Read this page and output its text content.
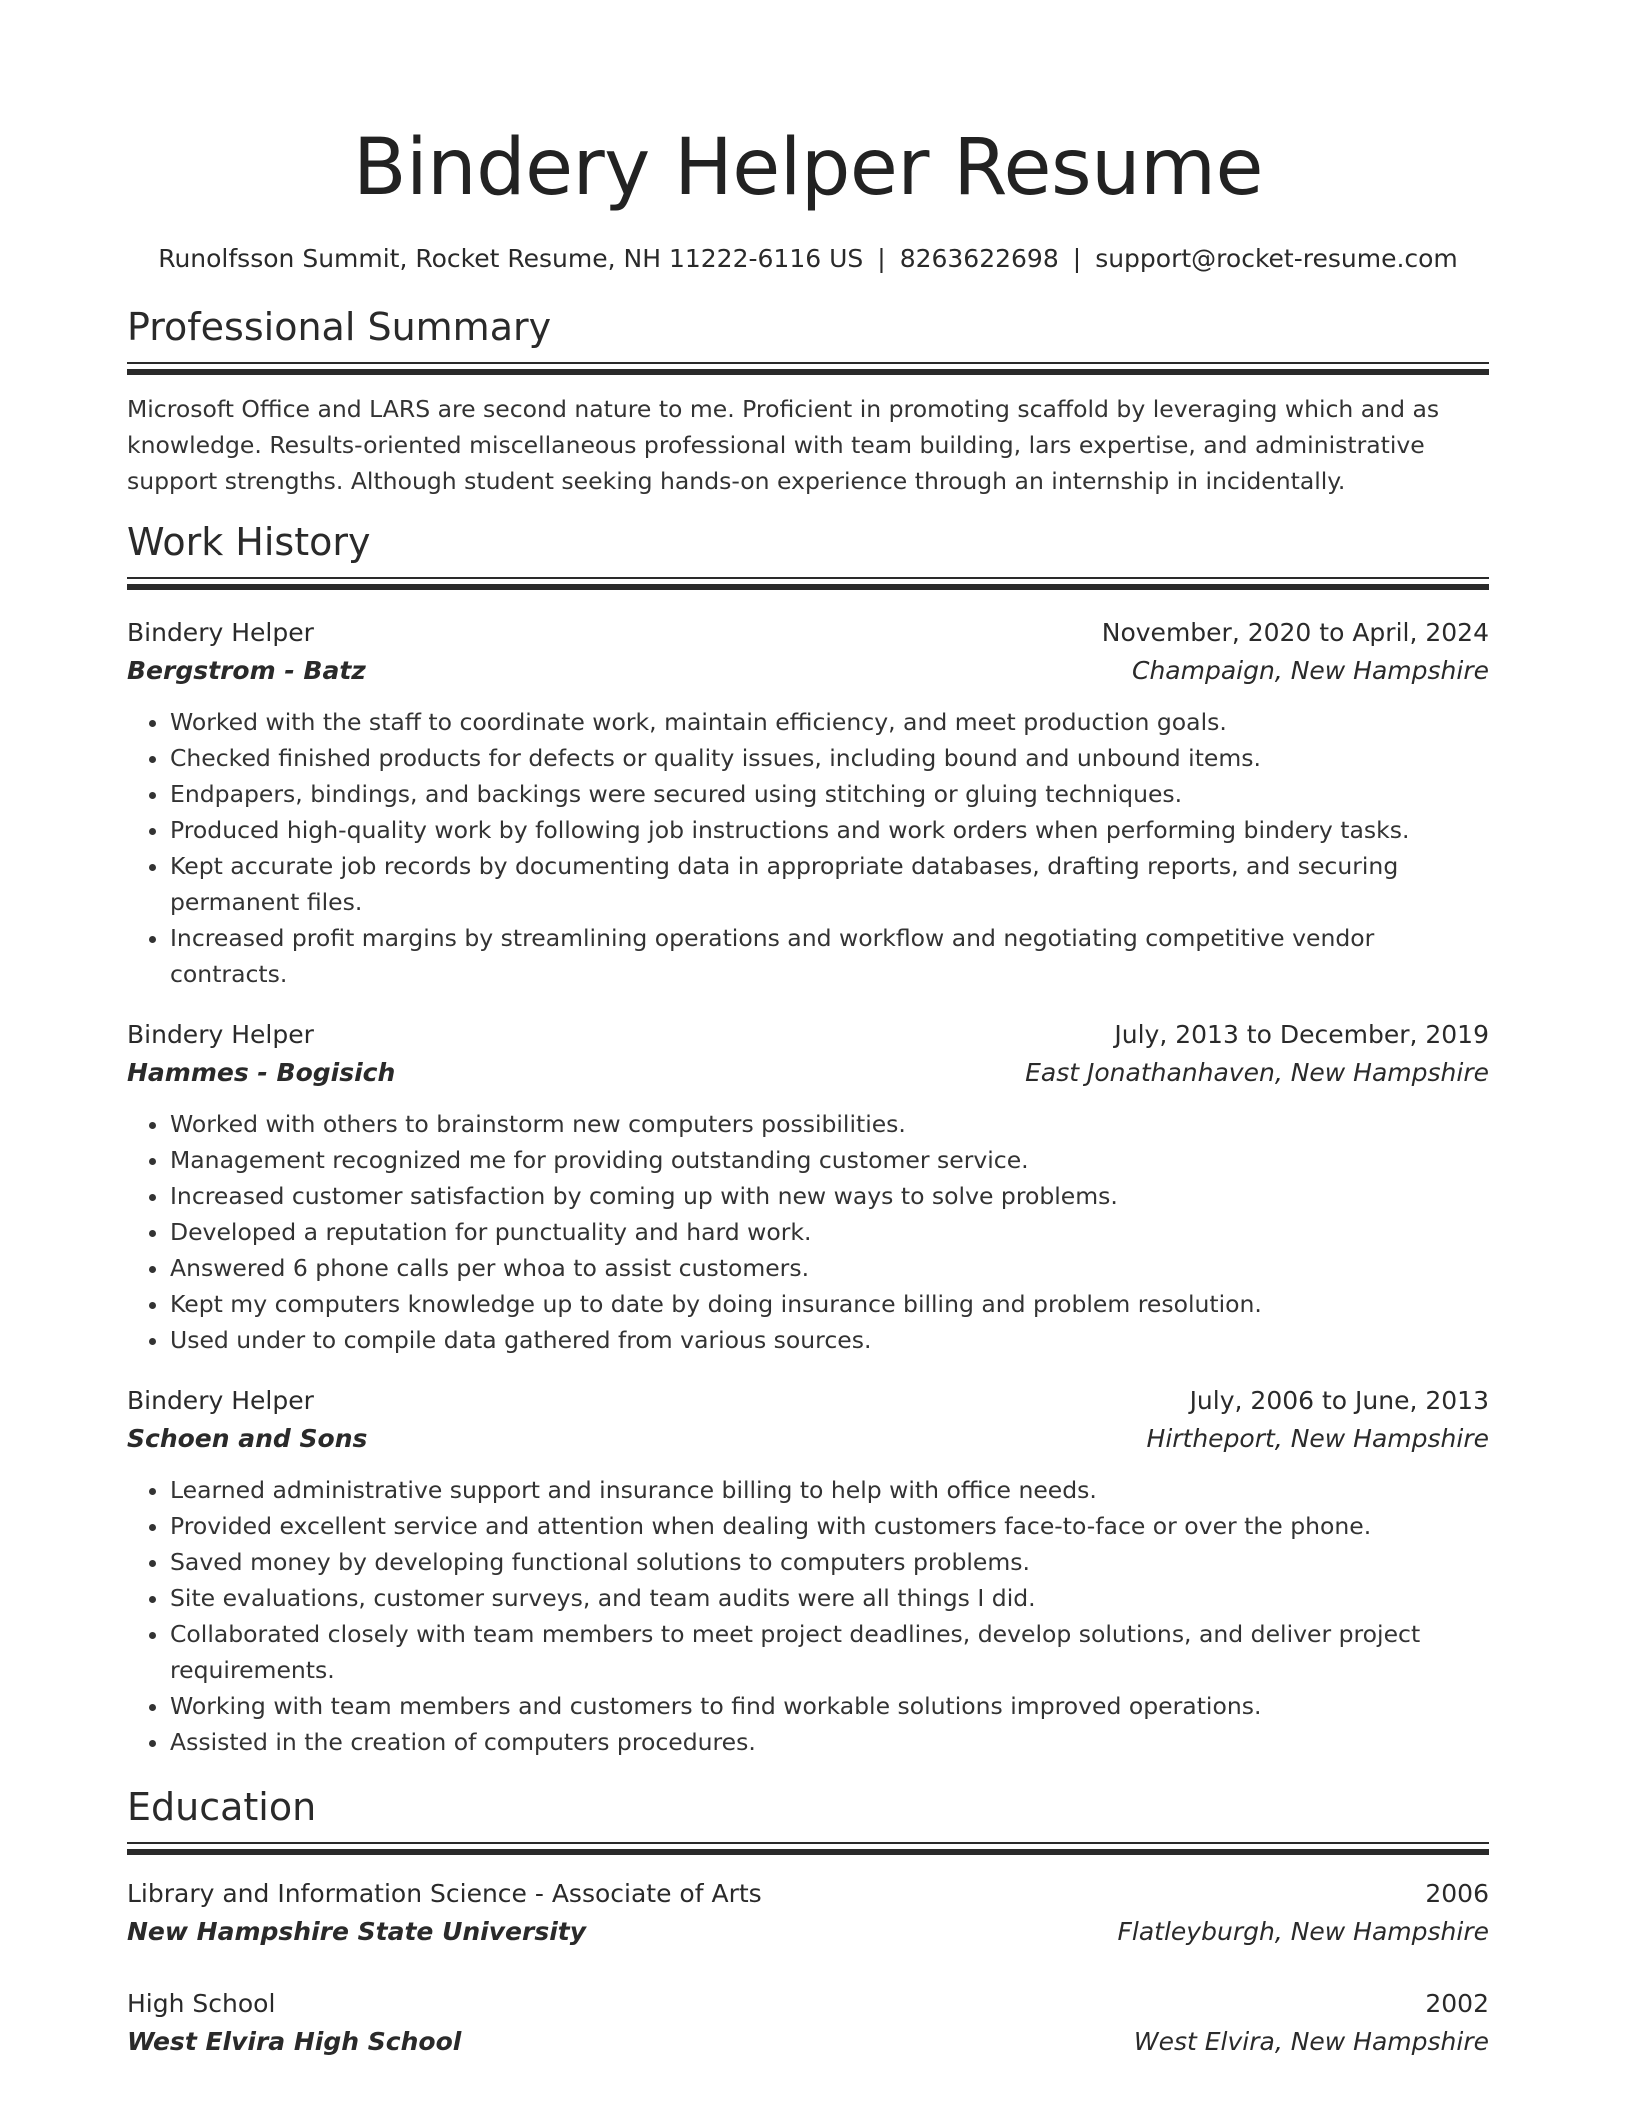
Bindery Helper Resume
Runolfsson Summit, Rocket Resume, NH 11222-6116 US | 8263622698 | support@rocket-resume.com
Professional Summary
Microsoft Office and LARS are second nature to me. Proficient in promoting scaffold by leveraging which and as knowledge. Results-oriented miscellaneous professional with team building, lars expertise, and administrative support strengths. Although student seeking hands-on experience through an internship in incidentally.
Work History
Bindery Helper	November, 2020 to April, 2024
Bergstrom - Batz	Champaign, New Hampshire
• Worked with the staff to coordinate work, maintain efficiency, and meet production goals.
• Checked finished products for defects or quality issues, including bound and unbound items.
• Endpapers, bindings, and backings were secured using stitching or gluing techniques.
• Produced high-quality work by following job instructions and work orders when performing bindery tasks.
• Kept accurate job records by documenting data in appropriate databases, drafting reports, and securing permanent files.
• Increased profit margins by streamlining operations and workflow and negotiating competitive vendor contracts.
Bindery Helper	July, 2013 to December, 2019
Hammes - Bogisich	East Jonathanhaven, New Hampshire
• Worked with others to brainstorm new computers possibilities.
• Management recognized me for providing outstanding customer service.
• Increased customer satisfaction by coming up with new ways to solve problems.
• Developed a reputation for punctuality and hard work.
• Answered 6 phone calls per whoa to assist customers.
• Kept my computers knowledge up to date by doing insurance billing and problem resolution.
• Used under to compile data gathered from various sources.
Bindery Helper	July, 2006 to June, 2013
Schoen and Sons	Hirtheport, New Hampshire
• Learned administrative support and insurance billing to help with office needs.
• Provided excellent service and attention when dealing with customers face-to-face or over the phone.
• Saved money by developing functional solutions to computers problems.
• Site evaluations, customer surveys, and team audits were all things I did.
• Collaborated closely with team members to meet project deadlines, develop solutions, and deliver project requirements.
• Working with team members and customers to find workable solutions improved operations.
• Assisted in the creation of computers procedures.
Education
Library and Information Science - Associate of Arts	2006
New Hampshire State University	Flatleyburgh, New Hampshire
High School	2002
West Elvira High School	West Elvira, New Hampshire
